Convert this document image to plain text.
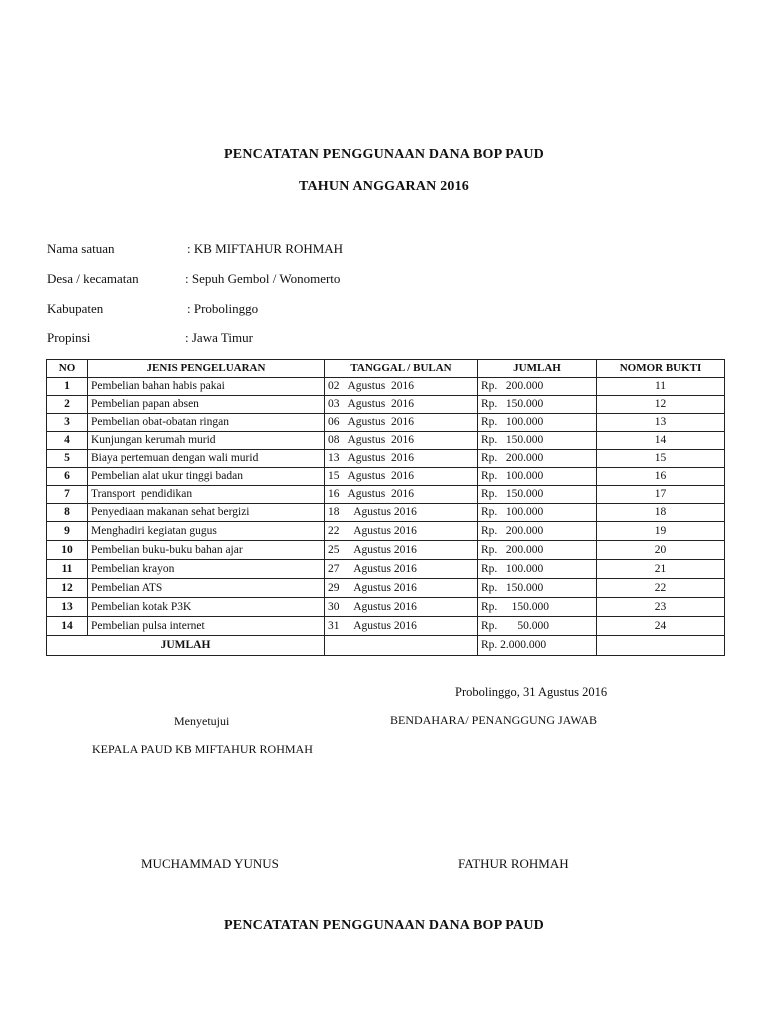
PENCATATAN PENGGUNAAN DANA BOP PAUD
TAHUN ANGGARAN 2016
Nama satuan	: KB MIFTAHUR ROHMAH
Desa / kecamatan	: Sepuh Gembol / Wonomerto
Kabupaten	: Probolinggo
Propinsi	: Jawa Timur
NO	JENIS PENGELUARAN	TANGGAL / BULAN	JUMLAH	NOMOR BUKTI
1	Pembelian bahan habis pakai	02   Agustus  2016	Rp.   200.000	11
2	Pembelian papan absen	03   Agustus  2016	Rp.   150.000	12
3	Pembelian obat-obatan ringan	06   Agustus  2016	Rp.   100.000	13
4	Kunjungan kerumah murid	08   Agustus  2016	Rp.   150.000	14
5	Biaya pertemuan dengan wali murid	13   Agustus  2016	Rp.   200.000	15
6	Pembelian alat ukur tinggi badan	15   Agustus  2016	Rp.   100.000	16
7	Transport  pendidikan	16   Agustus  2016	Rp.   150.000	17
8	Penyediaan makanan sehat bergizi	18     Agustus 2016	Rp.   100.000	18
9	Menghadiri kegiatan gugus	22     Agustus 2016	Rp.   200.000	19
10	Pembelian buku-buku bahan ajar	25     Agustus 2016	Rp.   200.000	20
11	Pembelian krayon	27     Agustus 2016	Rp.   100.000	21
12	Pembelian ATS	29     Agustus 2016	Rp.   150.000	22
13	Pembelian kotak P3K	30     Agustus 2016	Rp.     150.000	23
14	Pembelian pulsa internet	31     Agustus 2016	Rp.       50.000	24
JUMLAH			Rp. 2.000.000	
Probolinggo, 31 Agustus 2016
Menyetujui	BENDAHARA/ PENANGGUNG JAWAB
KEPALA PAUD KB MIFTAHUR ROHMAH
MUCHAMMAD YUNUS	FATHUR ROHMAH
PENCATATAN PENGGUNAAN DANA BOP PAUD
